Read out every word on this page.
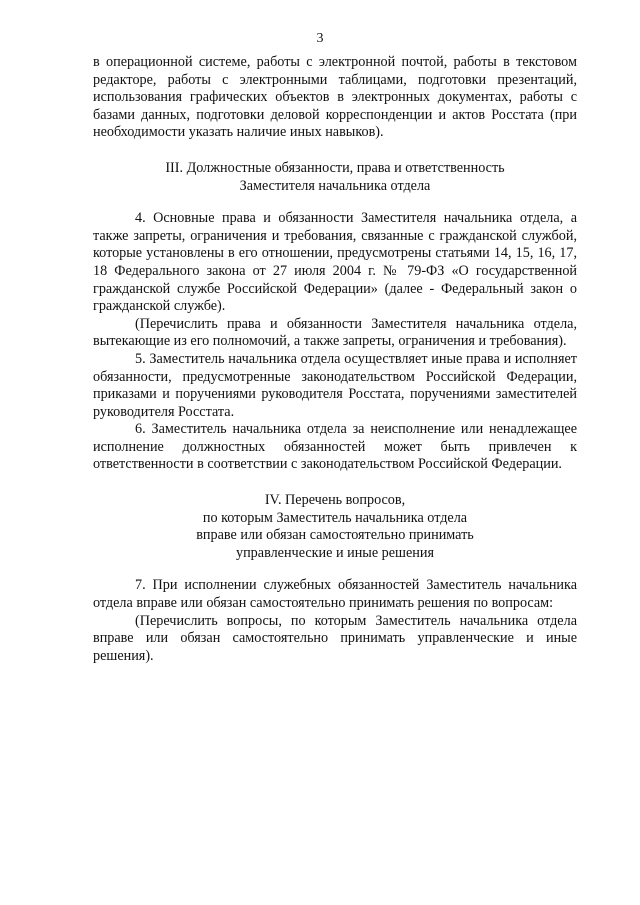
3

в операционной системе, работы с электронной почтой, работы в текстовом редакторе, работы с электронными таблицами, подготовки презентаций, использования графических объектов в электронных документах, работы с базами данных, подготовки деловой корреспонденции и актов Росстата (при необходимости указать наличие иных навыков).

III. Должностные обязанности, права и ответственность

Заместителя начальника отдела

4. Основные права и обязанности Заместителя начальника отдела, а также запреты, ограничения и требования, связанные с гражданской службой, которые установлены в его отношении, предусмотрены статьями 14, 15, 16, 17, 18 Федерального закона от 27 июля 2004 г. № 79-ФЗ «О государственной гражданской службе Российской Федерации» (далее - Федеральный закон о гражданской службе).

(Перечислить права и обязанности Заместителя начальника отдела, вытекающие из его полномочий, а также запреты, ограничения и требования).

5. Заместитель начальника отдела осуществляет иные права и исполняет обязанности, предусмотренные законодательством Российской Федерации, приказами и поручениями руководителя Росстата, поручениями заместителей руководителя Росстата.

6. Заместитель начальника отдела за неисполнение или ненадлежащее исполнение должностных обязанностей может быть привлечен к ответственности в соответствии с законодательством Российской Федерации.

IV. Перечень вопросов,

по которым Заместитель начальника отдела

вправе или обязан самостоятельно принимать

управленческие и иные решения

7. При исполнении служебных обязанностей Заместитель начальника отдела вправе или обязан самостоятельно принимать решения по вопросам:

(Перечислить вопросы, по которым Заместитель начальника отдела вправе или обязан самостоятельно принимать управленческие и иные решения).
